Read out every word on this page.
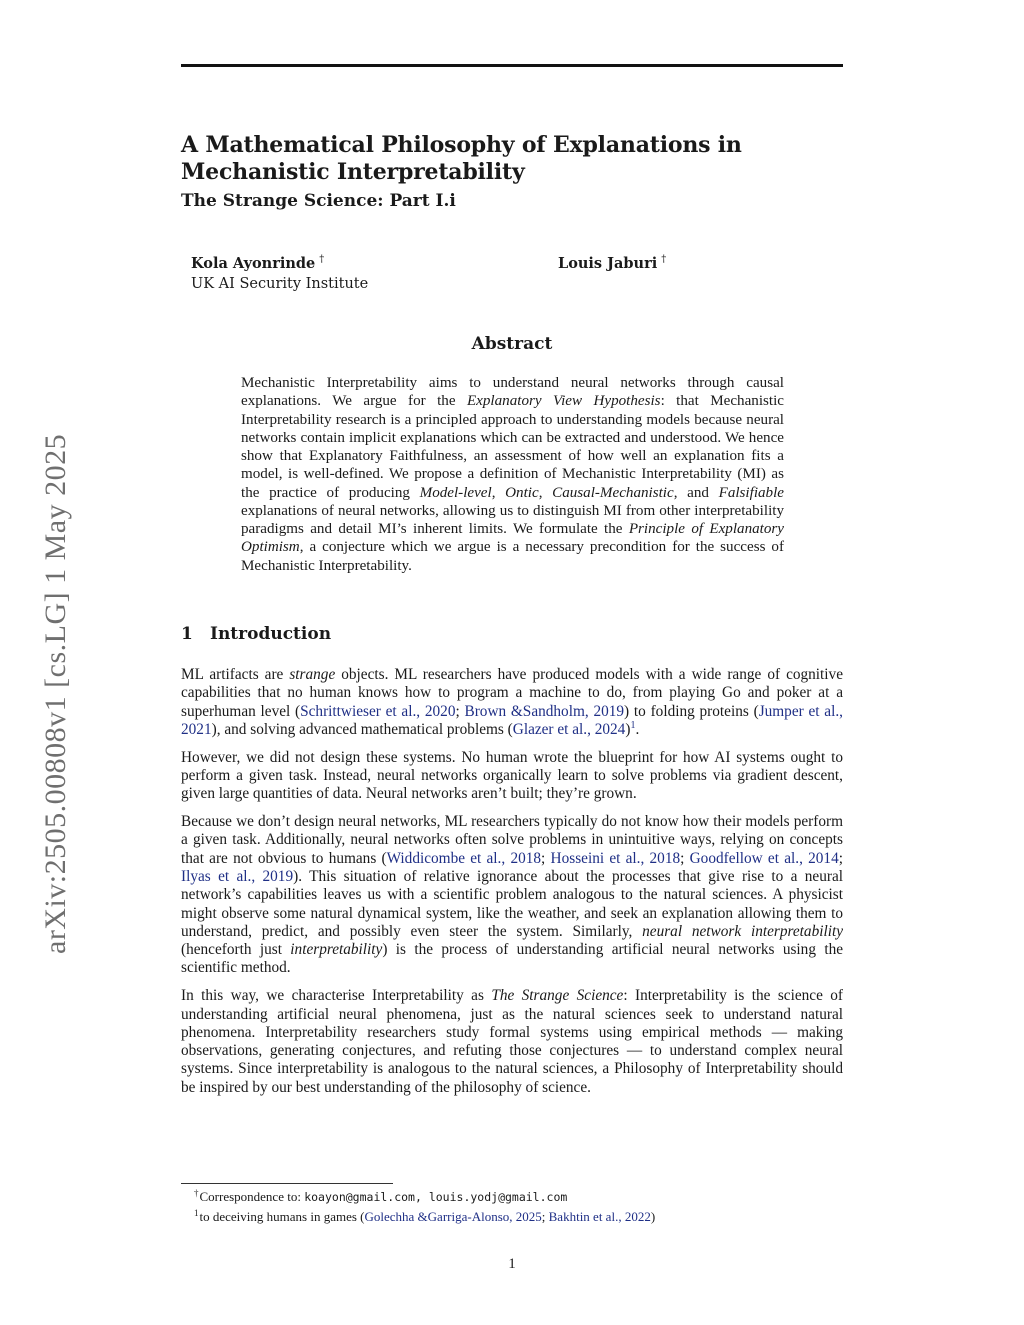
arXiv:2505.00808v1 [cs.LG] 1 May 2025
A Mathematical Philosophy of Explanations in Mechanistic Interpretability
The Strange Science: Part I.i
Kola Ayonrinde †
UK AI Security Institute
Louis Jaburi †
Abstract

Mechanistic Interpretability aims to understand neural networks through causal explanations. We argue for the Explanatory View Hypothesis: that Mechanistic Interpretability research is a principled approach to understanding models because neural networks contain implicit explanations which can be extracted and understood. We hence show that Explanatory Faithfulness, an assessment of how well an explanation fits a model, is well-defined. We propose a definition of Mechanistic Interpretability (MI) as the practice of producing Model-level, Ontic, Causal-Mechanistic, and Falsifiable explanations of neural networks, allowing us to distinguish MI from other interpretability paradigms and detail MI’s inherent limits. We formulate the Principle of Explanatory Optimism, a conjecture which we argue is a necessary precondition for the success of Mechanistic Interpretability.

1 Introduction

ML artifacts are strange objects. ML researchers have produced models with a wide range of cognitive capabilities that no human knows how to program a machine to do, from playing Go and poker at a superhuman level (Schrittwieser et al., 2020; Brown &Sandholm, 2019) to folding proteins (Jumper et al., 2021), and solving advanced mathematical problems (Glazer et al., 2024)$^1$.

However, we did not design these systems. No human wrote the blueprint for how AI systems ought to perform a given task. Instead, neural networks organically learn to solve problems via gradient descent, given large quantities of data. Neural networks aren’t built; they’re grown.

Because we don’t design neural networks, ML researchers typically do not know how their models perform a given task. Additionally, neural networks often solve problems in unintuitive ways, relying on concepts that are not obvious to humans (Widdicombe et al., 2018; Hosseini et al., 2018; Goodfellow et al., 2014; Ilyas et al., 2019). This situation of relative ignorance about the processes that give rise to a neural network’s capabilities leaves us with a scientific problem analogous to the natural sciences. A physicist might observe some natural dynamical system, like the weather, and seek an explanation allowing them to understand, predict, and possibly even steer the system. Similarly, neural network interpretability (henceforth just interpretability) is the process of understanding artificial neural networks using the scientific method.

In this way, we characterise Interpretability as The Strange Science: Interpretability is the science of understanding artificial neural phenomena, just as the natural sciences seek to understand natural phenomena. Interpretability researchers study formal systems using empirical methods — making observations, generating conjectures, and refuting those conjectures — to understand complex neural systems. Since interpretability is analogous to the natural sciences, a Philosophy of Interpretability should be inspired by our best understanding of the philosophy of science.

†Correspondence to: koayon@gmail.com, louis.yodj@gmail.com
$^1$to deceiving humans in games (Golechha &Garriga-Alonso, 2025; Bakhtin et al., 2022)
1
